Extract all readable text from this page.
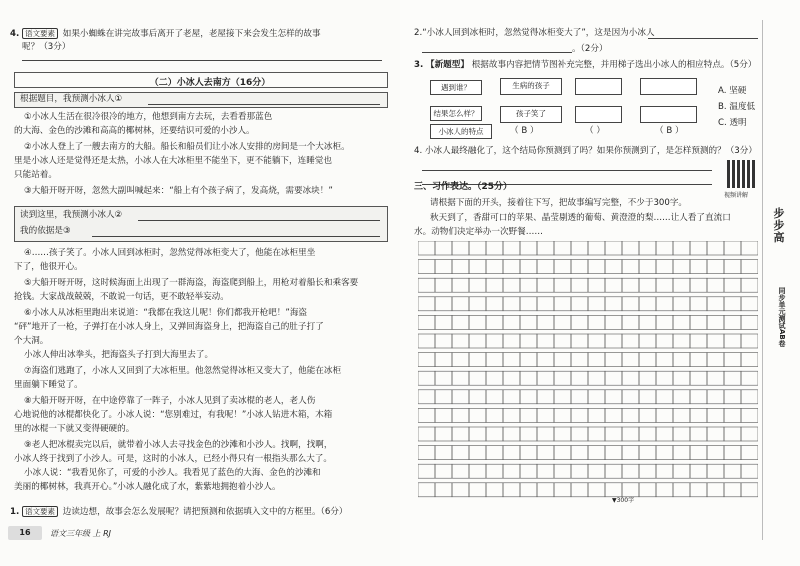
4. 语文要素 如果小蜘蛛在讲完故事后离开了老屋，老屋接下来会发生怎样的故事
呢？（3分）
（二）小冰人去南方（16分）
根据题目，我预测小冰人①
①小冰人生活在很冷很冷的地方，他想到南方去玩，去看看那蓝色
的大海、金色的沙滩和高高的椰树林，还要结识可爱的小沙人。
②小冰人登上了一艘去南方的大船。船长和船员们让小冰人安排的房间是一个大冰柜。
里是小冰人还是觉得还是太热，小冰人在大冰柜里不能坐下，更不能躺下，连睡觉也
只能站着。
③大船开呀开呀，忽然大副叫喊起来：“船上有个孩子病了，发高烧，需要冰块！”
读到这里，我预测小冰人②
我的依据是③
④……孩子笑了。小冰人回到冰柜时，忽然觉得冰柜变大了，他能在冰柜里坐
下了，他很开心。
⑤大船开呀开呀，这时候海面上出现了一群海盗，海盗爬到船上，用枪对着船长和乘客要
抢钱。大家战战兢兢，不敢说一句话，更不敢轻举妄动。
⑥小冰人从冰柜里跑出来说道：“我都在我这儿呢！你们都我开枪吧！”海盗
“砰”地开了一枪，子弹打在小冰人身上，又弹回海盗身上，把海盗自己的肚子打了
个大洞。
小冰人伸出冰拳头，把海盗头子打到大海里去了。
⑦海盗们逃跑了，小冰人又回到了大冰柜里。他忽然觉得冰柜又变大了，他能在冰柜
里面躺下睡觉了。
⑧大船开呀开呀，在中途停靠了一阵子，小冰人见到了卖冰棍的老人，老人伤
心地说他的冰棍都快化了。小冰人说：“您别难过，有我呢！”小冰人钻进木箱，木箱
里的冰棍一下就又变得硬硬的。
⑨老人把冰棍卖完以后，就带着小冰人去寻找金色的沙滩和小沙人。找啊，找啊，
小冰人终于找到了小沙人。可是，这时的小冰人，已经小得只有一根指头那么大了。
小冰人说：“我看见你了，可爱的小沙人。我看见了蓝色的大海、金色的沙滩和
美丽的椰树林，我真开心。”小冰人融化成了水，紫紫地拥抱着小沙人。
1. 语文要素 边读边想，故事会怎么发展呢？请把预测和依据填入文中的方框里。（6分）
16	语文三年级 上 RJ
2.“小冰人回到冰柜时，忽然觉得冰柜变大了”，这是因为小冰人
。（2分）
3. 【新题型】 根据故事内容把情节图补充完整，并用梯子选出小冰人的相应特点。（5分）
遇到谁？	生病的孩子
结果怎么样？	孩子笑了
小冰人的特点	（ B ）	（ ）	（ B ）
A. 坚硬
B. 温度低
C. 透明
4. 小冰人最终融化了，这个结局你预测到了吗？如果你预测到了，是怎样预测的？（3分）
视频讲解
三、习作表达。（25分）
请根据下面的开头，接着往下写，把故事编写完整，不少于300字。
秋天到了，香甜可口的苹果、晶莹剔透的葡萄、黄澄澄的梨……让人看了直流口
水。动物们决定举办一次野餐……
▼300字
步步高
同步单元测试AB卷
